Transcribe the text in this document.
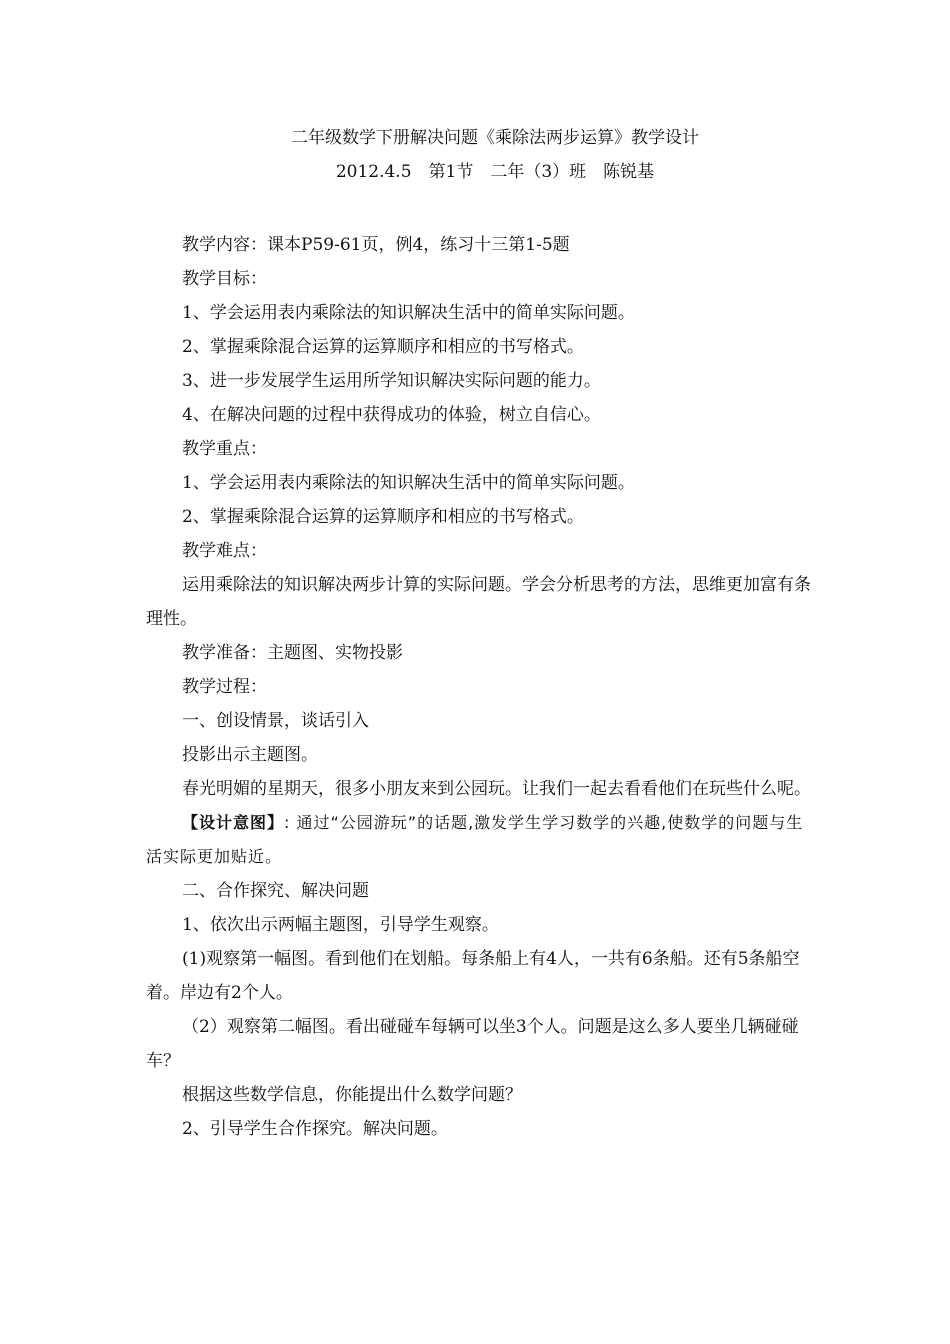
二年级数学下册解决问题《乘除法两步运算》教学设计
2012.4.5　第1节　二年（3）班　陈锐基

教学内容：课本P59-61页，例4，练习十三第1-5题

教学目标：

1、学会运用表内乘除法的知识解决生活中的简单实际问题。

2、掌握乘除混合运算的运算顺序和相应的书写格式。

3、进一步发展学生运用所学知识解决实际问题的能力。

4、在解决问题的过程中获得成功的体验，树立自信心。

教学重点：

1、学会运用表内乘除法的知识解决生活中的简单实际问题。

2、掌握乘除混合运算的运算顺序和相应的书写格式。

教学难点：

运用乘除法的知识解决两步计算的实际问题。学会分析思考的方法，思维更加富有条理性。

教学准备：主题图、实物投影

教学过程：

一、创设情景，谈话引入

投影出示主题图。

春光明媚的星期天，很多小朋友来到公园玩。让我们一起去看看他们在玩些什么呢。

【设计意图】: 通过“公园游玩”的话题,激发学生学习数学的兴趣,使数学的问题与生活实际更加贴近。

二、合作探究、解决问题

1、依次出示两幅主题图，引导学生观察。

(1)观察第一幅图。看到他们在划船。每条船上有4人，一共有6条船。还有5条船空着。岸边有2个人。

（2）观察第二幅图。看出碰碰车每辆可以坐3个人。问题是这么多人要坐几辆碰碰车？

根据这些数学信息，你能提出什么数学问题？

2、引导学生合作探究。解决问题。
